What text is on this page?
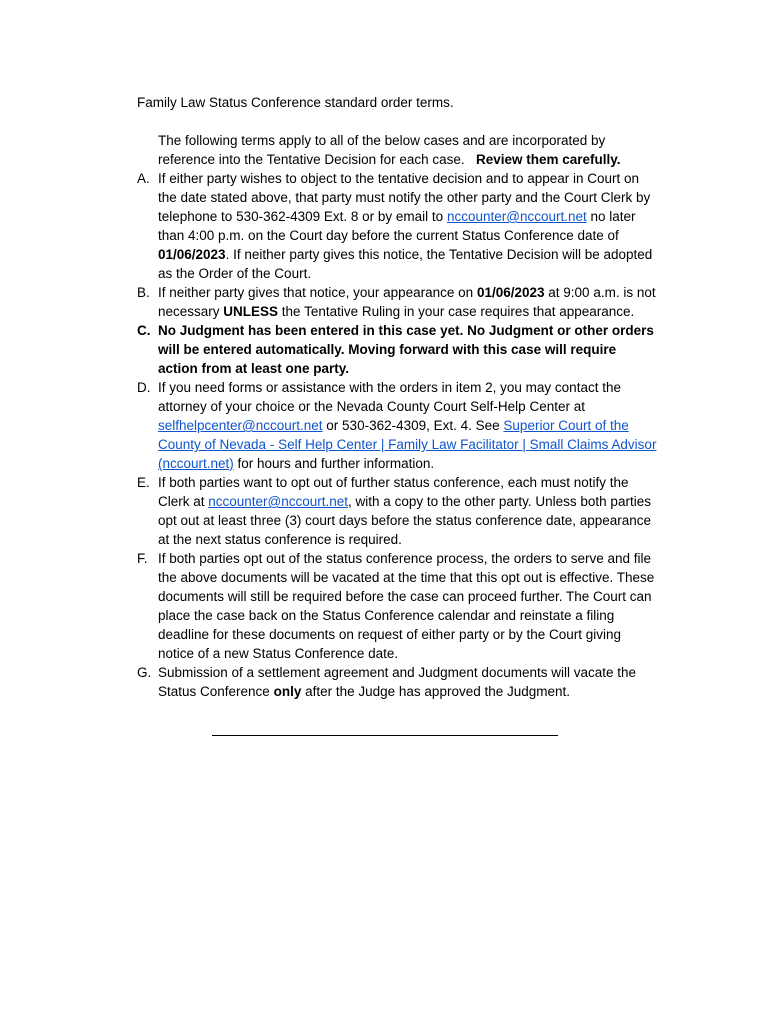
Family Law Status Conference standard order terms.
The following terms apply to all of the below cases and are incorporated by reference into the Tentative Decision for each case. Review them carefully.
A. If either party wishes to object to the tentative decision and to appear in Court on the date stated above, that party must notify the other party and the Court Clerk by telephone to 530-362-4309 Ext. 8 or by email to nccounter@nccourt.net no later than 4:00 p.m. on the Court day before the current Status Conference date of 01/06/2023. If neither party gives this notice, the Tentative Decision will be adopted as the Order of the Court.
B. If neither party gives that notice, your appearance on 01/06/2023 at 9:00 a.m. is not necessary UNLESS the Tentative Ruling in your case requires that appearance.
C. No Judgment has been entered in this case yet. No Judgment or other orders will be entered automatically. Moving forward with this case will require action from at least one party.
D. If you need forms or assistance with the orders in item 2, you may contact the attorney of your choice or the Nevada County Court Self-Help Center at selfhelpcenter@nccourt.net or 530-362-4309, Ext. 4. See Superior Court of the County of Nevada - Self Help Center | Family Law Facilitator | Small Claims Advisor (nccourt.net) for hours and further information.
E. If both parties want to opt out of further status conference, each must notify the Clerk at nccounter@nccourt.net, with a copy to the other party. Unless both parties opt out at least three (3) court days before the status conference date, appearance at the next status conference is required.
F. If both parties opt out of the status conference process, the orders to serve and file the above documents will be vacated at the time that this opt out is effective. These documents will still be required before the case can proceed further. The Court can place the case back on the Status Conference calendar and reinstate a filing deadline for these documents on request of either party or by the Court giving notice of a new Status Conference date.
G. Submission of a settlement agreement and Judgment documents will vacate the Status Conference only after the Judge has approved the Judgment.
